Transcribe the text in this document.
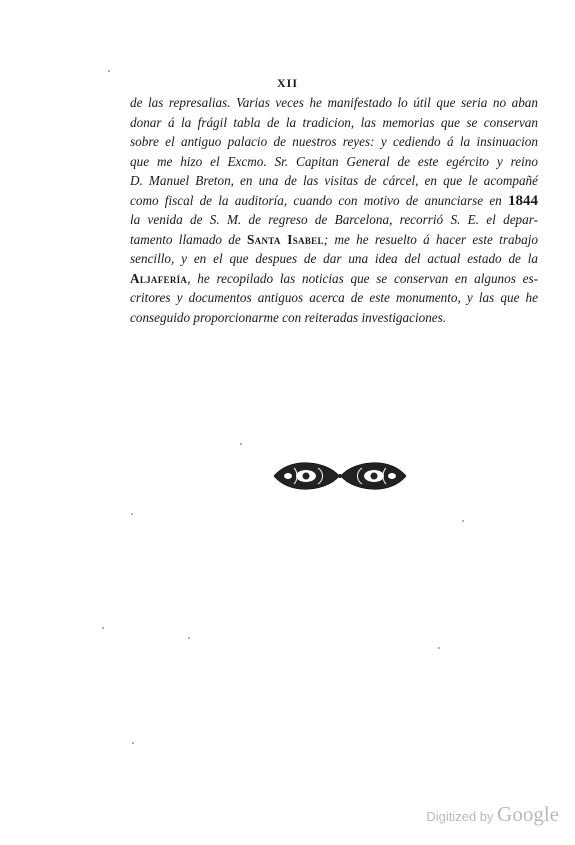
XII
de las represalias. Varias veces he manifestado lo útil que seria no aban
donar á la frágil tabla de la tradicion, las memorias que se conservan
sobre el antiguo palacio de nuestros reyes: y cediendo á la insinuacion
que me hizo el Excmo. Sr. Capitan General de este egército y reino
D. Manuel Breton, en una de las visitas de cárcel, en que le acompañé
como fiscal de la auditoría, cuando con motivo de anunciarse en 1844
la venida de S. M. de regreso de Barcelona, recorrió S. E. el depar-
tamento llamado de Santa Isabel; me he resuelto á hacer este trabajo
sencillo, y en el que despues de dar una idea del actual estado de la
Aljafería, he recopilado las noticias que se conservan en algunos es-
critores y documentos antiguos acerca de este monumento, y las que he
conseguido proporcionarme con reiteradas investigaciones.
Digitized by Google
